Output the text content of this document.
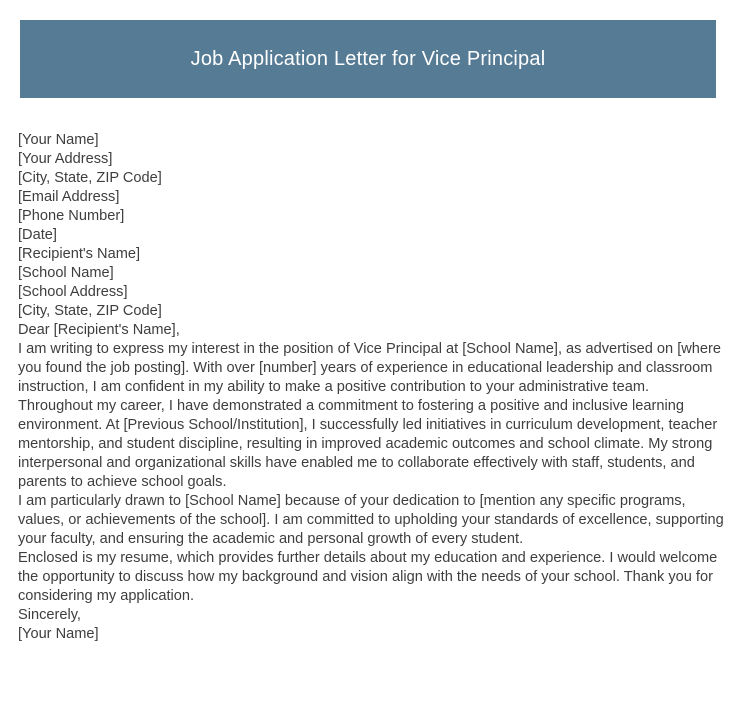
Job Application Letter for Vice Principal
[Your Name]
[Your Address]
[City, State, ZIP Code]
[Email Address]
[Phone Number]
[Date]
[Recipient's Name]
[School Name]
[School Address]
[City, State, ZIP Code]
Dear [Recipient's Name],

I am writing to express my interest in the position of Vice Principal at [School Name], as advertised on [where you found the job posting]. With over [number] years of experience in educational leadership and classroom instruction, I am confident in my ability to make a positive contribution to your administrative team.

Throughout my career, I have demonstrated a commitment to fostering a positive and inclusive learning environment. At [Previous School/Institution], I successfully led initiatives in curriculum development, teacher mentorship, and student discipline, resulting in improved academic outcomes and school climate. My strong interpersonal and organizational skills have enabled me to collaborate effectively with staff, students, and parents to achieve school goals.

I am particularly drawn to [School Name] because of your dedication to [mention any specific programs, values, or achievements of the school]. I am committed to upholding your standards of excellence, supporting your faculty, and ensuring the academic and personal growth of every student.

Enclosed is my resume, which provides further details about my education and experience. I would welcome the opportunity to discuss how my background and vision align with the needs of your school. Thank you for considering my application.

Sincerely,
[Your Name]
